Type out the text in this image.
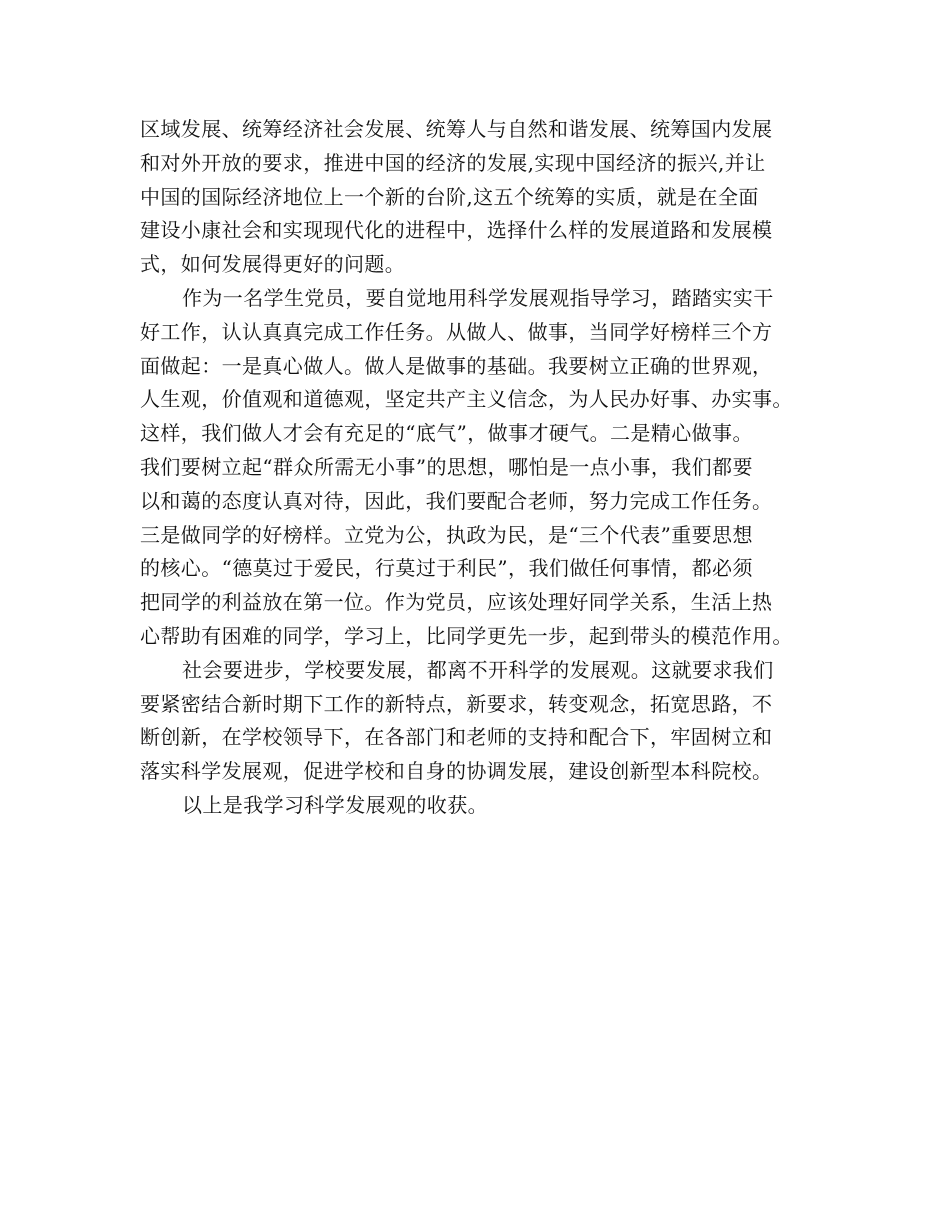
区域发展、统筹经济社会发展、统筹人与自然和谐发展、统筹国内发展
和对外开放的要求，推进中国的经济的发展,实现中国经济的振兴,并让
中国的国际经济地位上一个新的台阶,这五个统筹的实质，就是在全面
建设小康社会和实现现代化的进程中，选择什么样的发展道路和发展模
式，如何发展得更好的问题。
作为一名学生党员，要自觉地用科学发展观指导学习，踏踏实实干
好工作，认认真真完成工作任务。从做人、做事，当同学好榜样三个方
面做起：一是真心做人。做人是做事的基础。我要树立正确的世界观，
人生观，价值观和道德观，坚定共产主义信念，为人民办好事、办实事。
这样，我们做人才会有充足的“底气”，做事才硬气。二是精心做事。
我们要树立起“群众所需无小事”的思想，哪怕是一点小事，我们都要
以和蔼的态度认真对待，因此，我们要配合老师，努力完成工作任务。
三是做同学的好榜样。立党为公，执政为民，是“三个代表”重要思想
的核心。“德莫过于爱民，行莫过于利民”，我们做任何事情，都必须
把同学的利益放在第一位。作为党员，应该处理好同学关系，生活上热
心帮助有困难的同学，学习上，比同学更先一步，起到带头的模范作用。
社会要进步，学校要发展，都离不开科学的发展观。这就要求我们
要紧密结合新时期下工作的新特点，新要求，转变观念，拓宽思路，不
断创新，在学校领导下，在各部门和老师的支持和配合下，牢固树立和
落实科学发展观，促进学校和自身的协调发展，建设创新型本科院校。
以上是我学习科学发展观的收获。
